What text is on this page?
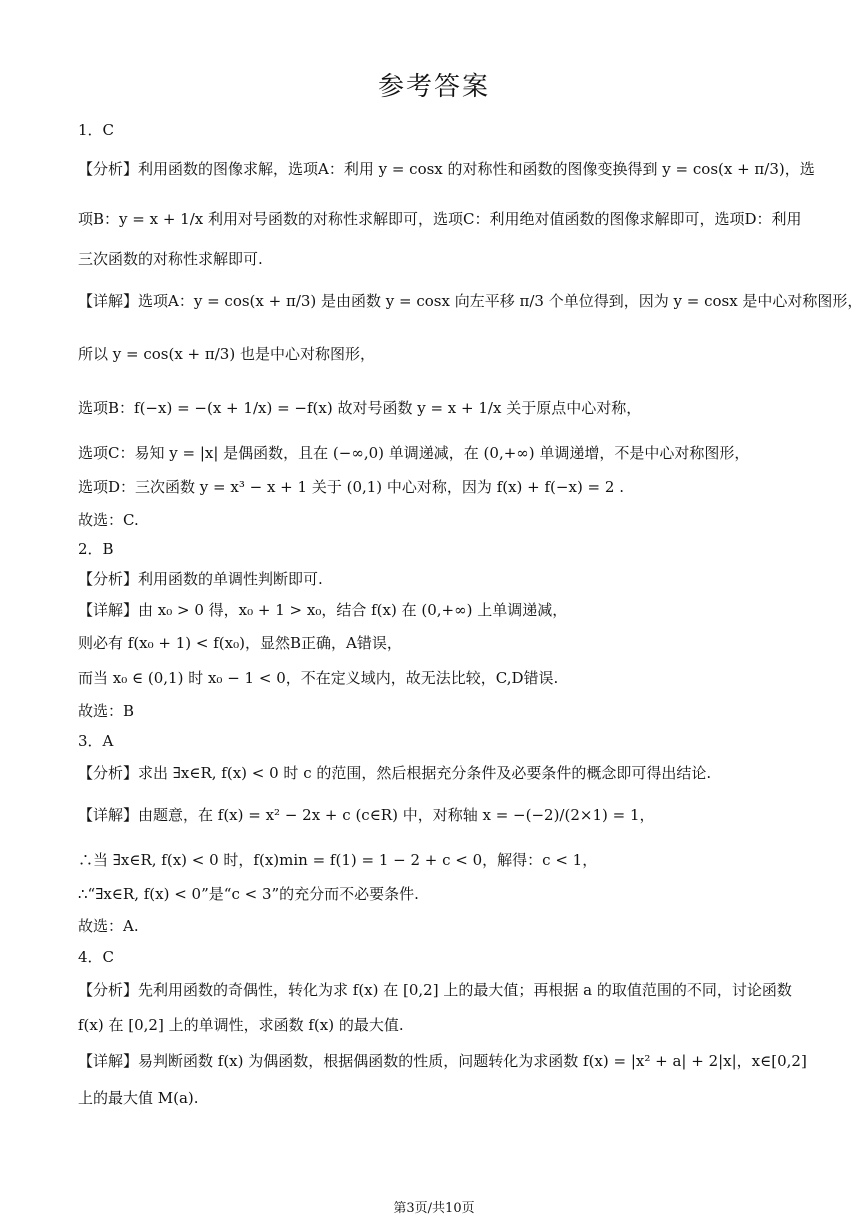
参考答案
1．C
【分析】利用函数的图像求解，选项A：利用 y = cosx 的对称性和函数的图像变换得到 y = cos(x + π/3)，选
项B：y = x + 1/x 利用对号函数的对称性求解即可，选项C：利用绝对值函数的图像求解即可，选项D：利用
三次函数的对称性求解即可.
【详解】选项A：y = cos(x + π/3) 是由函数 y = cosx 向左平移 π/3 个单位得到，因为 y = cosx 是中心对称图形，
所以 y = cos(x + π/3) 也是中心对称图形，
选项B：f(−x) = −(x + 1/x) = −f(x) 故对号函数 y = x + 1/x 关于原点中心对称，
选项C：易知 y = |x| 是偶函数，且在 (−∞,0) 单调递减，在 (0,+∞) 单调递增，不是中心对称图形，
选项D：三次函数 y = x³ − x + 1 关于 (0,1) 中心对称，因为 f(x) + f(−x) = 2 .
故选：C.
2．B
【分析】利用函数的单调性判断即可.
【详解】由 x₀ > 0 得，x₀ + 1 > x₀，结合 f(x) 在 (0,+∞) 上单调递减，
则必有 f(x₀ + 1) < f(x₀)，显然B正确，A错误，
而当 x₀ ∈ (0,1) 时 x₀ − 1 < 0，不在定义域内，故无法比较，C,D错误.
故选：B
3．A
【分析】求出 ∃x∈R, f(x) < 0 时 c 的范围，然后根据充分条件及必要条件的概念即可得出结论.
【详解】由题意，在 f(x) = x² − 2x + c (c∈R) 中，对称轴 x = −(−2)/(2×1) = 1，
∴当 ∃x∈R, f(x) < 0 时，f(x)min = f(1) = 1 − 2 + c < 0，解得：c < 1，
∴“∃x∈R, f(x) < 0”是“c < 3”的充分而不必要条件.
故选：A.
4．C
【分析】先利用函数的奇偶性，转化为求 f(x) 在 [0,2] 上的最大值；再根据 a 的取值范围的不同，讨论函数
f(x) 在 [0,2] 上的单调性，求函数 f(x) 的最大值.
【详解】易判断函数 f(x) 为偶函数，根据偶函数的性质，问题转化为求函数 f(x) = |x² + a| + 2|x|，x∈[0,2]
上的最大值 M(a).
第3页/共10页
